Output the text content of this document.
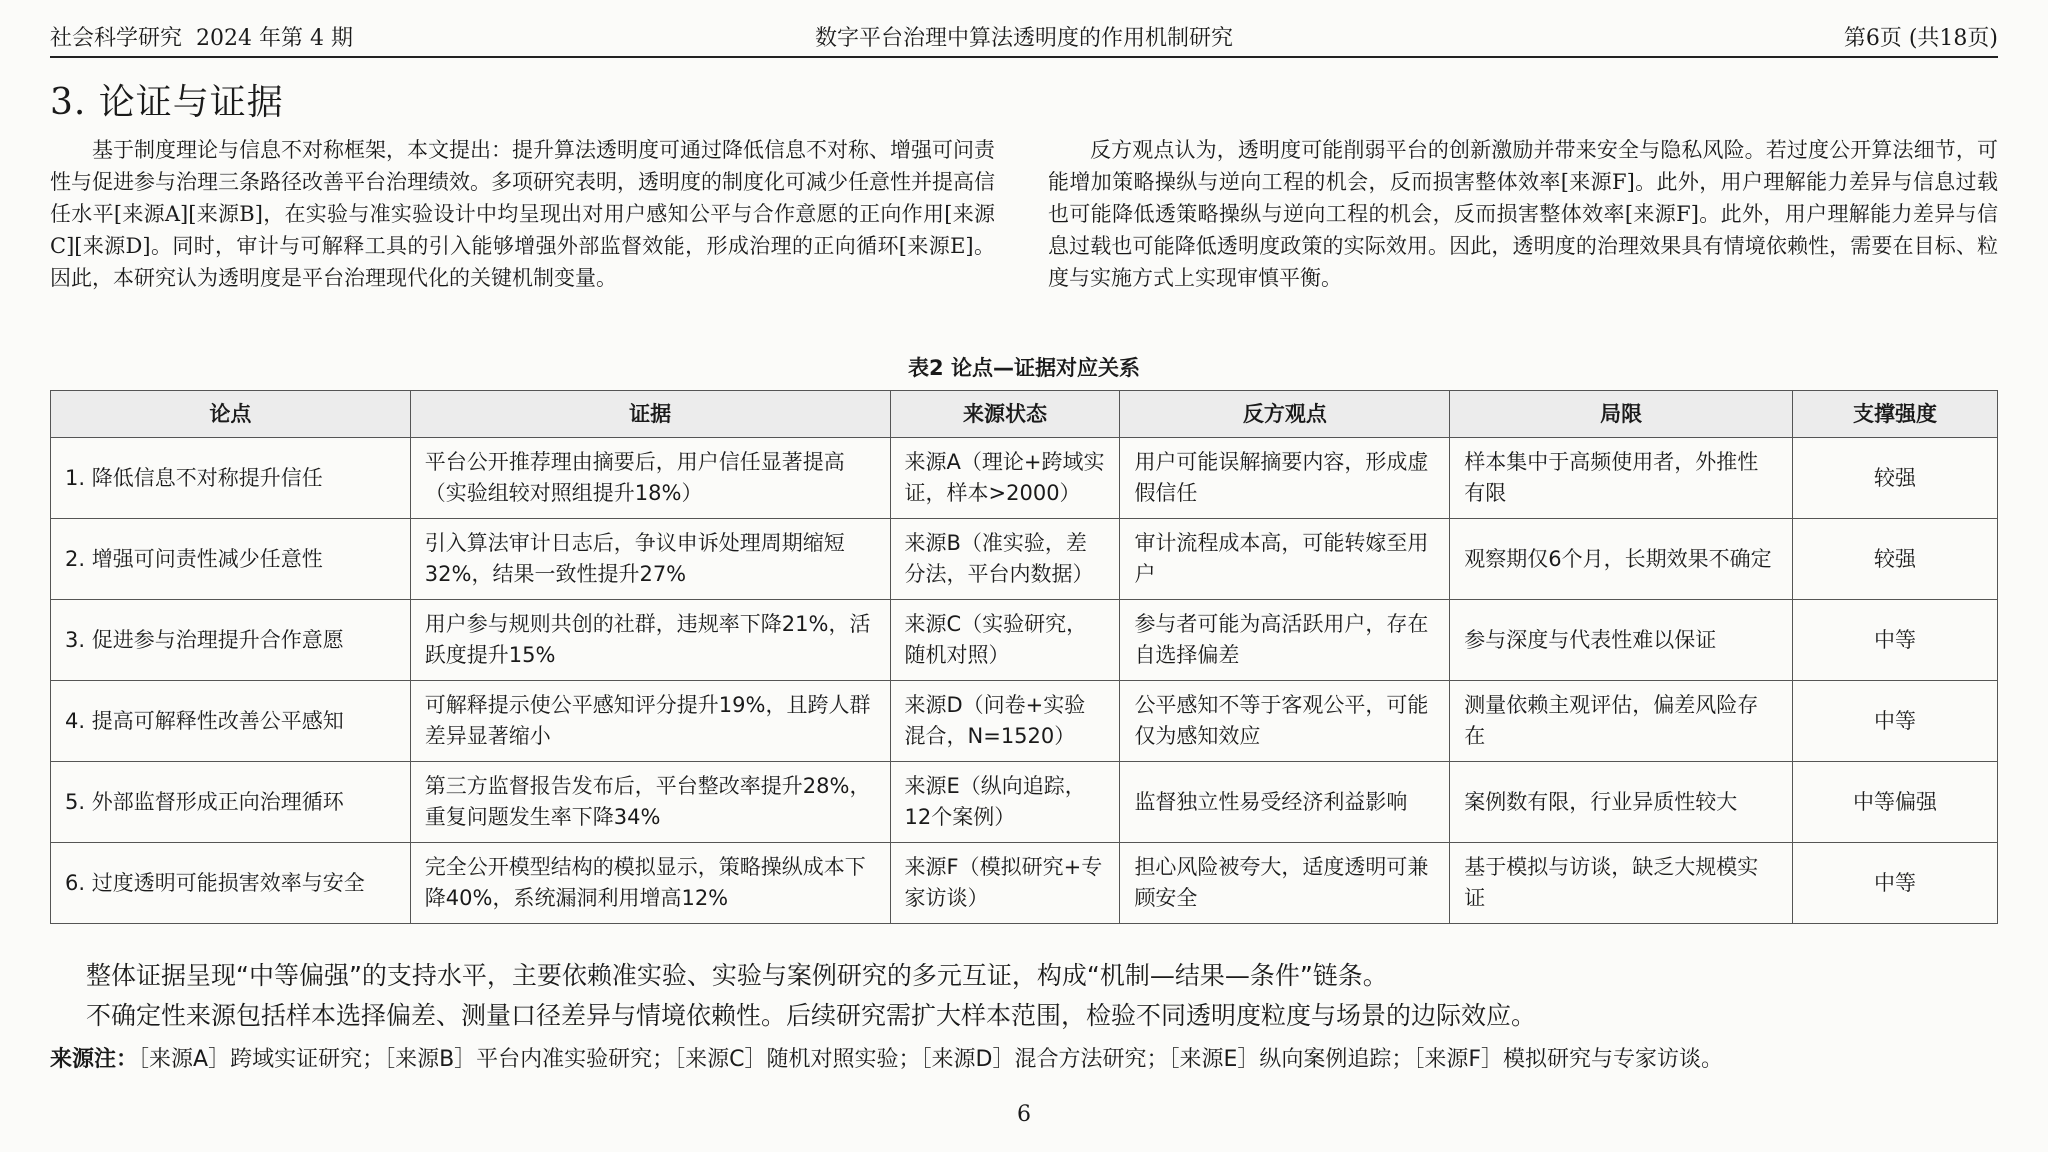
社会科学研究  2024 年第 4 期	数字平台治理中算法透明度的作用机制研究	第6页 (共18页)
3. 论证与证据

基于制度理论与信息不对称框架，本文提出：提升算法透明度可通过降低信息不对称、增强可问责性与促进参与治理三条路径改善平台治理绩效。多项研究表明，透明度的制度化可减少任意性并提高信任水平[来源A][来源B]，在实验与准实验设计中均呈现出对用户感知公平与合作意愿的正向作用[来源C][来源D]。同时，审计与可解释工具的引入能够增强外部监督效能，形成治理的正向循环[来源E]。因此，本研究认为透明度是平台治理现代化的关键机制变量。

反方观点认为，透明度可能削弱平台的创新激励并带来安全与隐私风险。若过度公开算法细节，可能增加策略操纵与逆向工程的机会，反而损害整体效率[来源F]。此外，用户理解能力差异与信息过载也可能降低透策略操纵与逆向工程的机会，反而损害整体效率[来源F]。此外，用户理解能力差异与信息过载也可能降低透明度政策的实际效用。因此，透明度的治理效果具有情境依赖性，需要在目标、粒度与实施方式上实现审慎平衡。

表2 论点—证据对应关系
论点	证据	来源状态	反方观点	局限	支撑强度
1. 降低信息不对称提升信任	平台公开推荐理由摘要后，用户信任显著提高（实验组较对照组提升18%）	来源A（理论+跨域实证，样本>2000）	用户可能误解摘要内容，形成虚假信任	样本集中于高频使用者，外推性有限	较强
2. 增强可问责性减少任意性	引入算法审计日志后，争议申诉处理周期缩短32%，结果一致性提升27%	来源B（准实验，差分法，平台内数据）	审计流程成本高，可能转嫁至用户	观察期仅6个月，长期效果不确定	较强
3. 促进参与治理提升合作意愿	用户参与规则共创的社群，违规率下降21%，活跃度提升15%	来源C（实验研究，随机对照）	参与者可能为高活跃用户，存在自选择偏差	参与深度与代表性难以保证	中等
4. 提高可解释性改善公平感知	可解释提示使公平感知评分提升19%，且跨人群差异显著缩小	来源D（问卷+实验混合，N=1520）	公平感知不等于客观公平，可能仅为感知效应	测量依赖主观评估，偏差风险存在	中等
5. 外部监督形成正向治理循环	第三方监督报告发布后，平台整改率提升28%，重复问题发生率下降34%	来源E（纵向追踪，12个案例）	监督独立性易受经济利益影响	案例数有限，行业异质性较大	中等偏强
6. 过度透明可能损害效率与安全	完全公开模型结构的模拟显示，策略操纵成本下降40%，系统漏洞利用增高12%	来源F（模拟研究+专家访谈）	担心风险被夸大，适度透明可兼顾安全	基于模拟与访谈，缺乏大规模实证	中等

整体证据呈现“中等偏强”的支持水平，主要依赖准实验、实验与案例研究的多元互证，构成“机制—结果—条件”链条。

不确定性来源包括样本选择偏差、测量口径差异与情境依赖性。后续研究需扩大样本范围，检验不同透明度粒度与场景的边际效应。

来源注：［来源A］跨域实证研究；［来源B］平台内准实验研究；［来源C］随机对照实验；［来源D］混合方法研究；［来源E］纵向案例追踪；［来源F］模拟研究与专家访谈。
6
